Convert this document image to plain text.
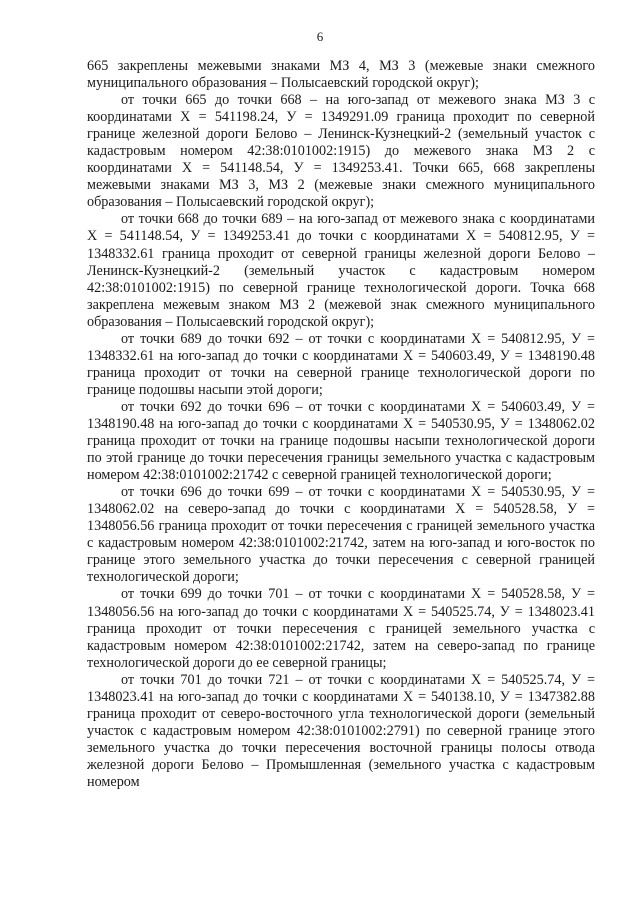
6

665 закреплены межевыми знаками МЗ 4, МЗ 3 (межевые знаки смежного муниципального образования – Полысаевский городской округ);

от точки 665 до точки 668 – на юго-запад от межевого знака МЗ 3 с координатами Х = 541198.24, У = 1349291.09 граница проходит по северной границе железной дороги Белово – Ленинск-Кузнецкий-2 (земельный участок с кадастровым номером 42:38:0101002:1915) до межевого знака МЗ 2 с координатами Х = 541148.54, У = 1349253.41. Точки 665, 668 закреплены межевыми знаками МЗ 3, МЗ 2 (межевые знаки смежного муниципального образования – Полысаевский городской округ);

от точки 668 до точки 689 – на юго-запад от межевого знака с координатами Х = 541148.54, У = 1349253.41 до точки с координатами Х = 540812.95, У = 1348332.61 граница проходит от северной границы железной дороги Белово – Ленинск-Кузнецкий-2 (земельный участок с кадастровым номером 42:38:0101002:1915) по северной границе технологической дороги. Точка 668 закреплена межевым знаком МЗ 2 (межевой знак смежного муниципального образования – Полысаевский городской округ);

от точки 689 до точки 692 – от точки с координатами Х = 540812.95, У = 1348332.61 на юго-запад до точки с координатами Х = 540603.49, У = 1348190.48 граница проходит от точки на северной границе технологической дороги по границе подошвы насыпи этой дороги;

от точки 692 до точки 696 – от точки с координатами Х = 540603.49, У = 1348190.48 на юго-запад до точки с координатами Х = 540530.95, У = 1348062.02 граница проходит от точки на границе подошвы насыпи технологической дороги по этой границе до точки пересечения границы земельного участка с кадастровым номером 42:38:0101002:21742 с северной границей технологической дороги;

от точки 696 до точки 699 – от точки с координатами Х = 540530.95, У = 1348062.02 на северо-запад до точки с координатами Х = 540528.58, У = 1348056.56 граница проходит от точки пересечения с границей земельного участка с кадастровым номером 42:38:0101002:21742, затем на юго-запад и юго-восток по границе этого земельного участка до точки пересечения с северной границей технологической дороги;

от точки 699 до точки 701 – от точки с координатами Х = 540528.58, У = 1348056.56 на юго-запад до точки с координатами Х = 540525.74, У = 1348023.41 граница проходит от точки пересечения с границей земельного участка с кадастровым номером 42:38:0101002:21742, затем на северо-запад по границе технологической дороги до ее северной границы;

от точки 701 до точки 721 – от точки с координатами Х = 540525.74, У = 1348023.41 на юго-запад до точки с координатами Х = 540138.10, У = 1347382.88 граница проходит от северо-восточного угла технологической дороги (земельный участок с кадастровым номером 42:38:0101002:2791) по северной границе этого земельного участка до точки пересечения восточной границы полосы отвода железной дороги Белово – Промышленная (земельного участка с кадастровым номером
